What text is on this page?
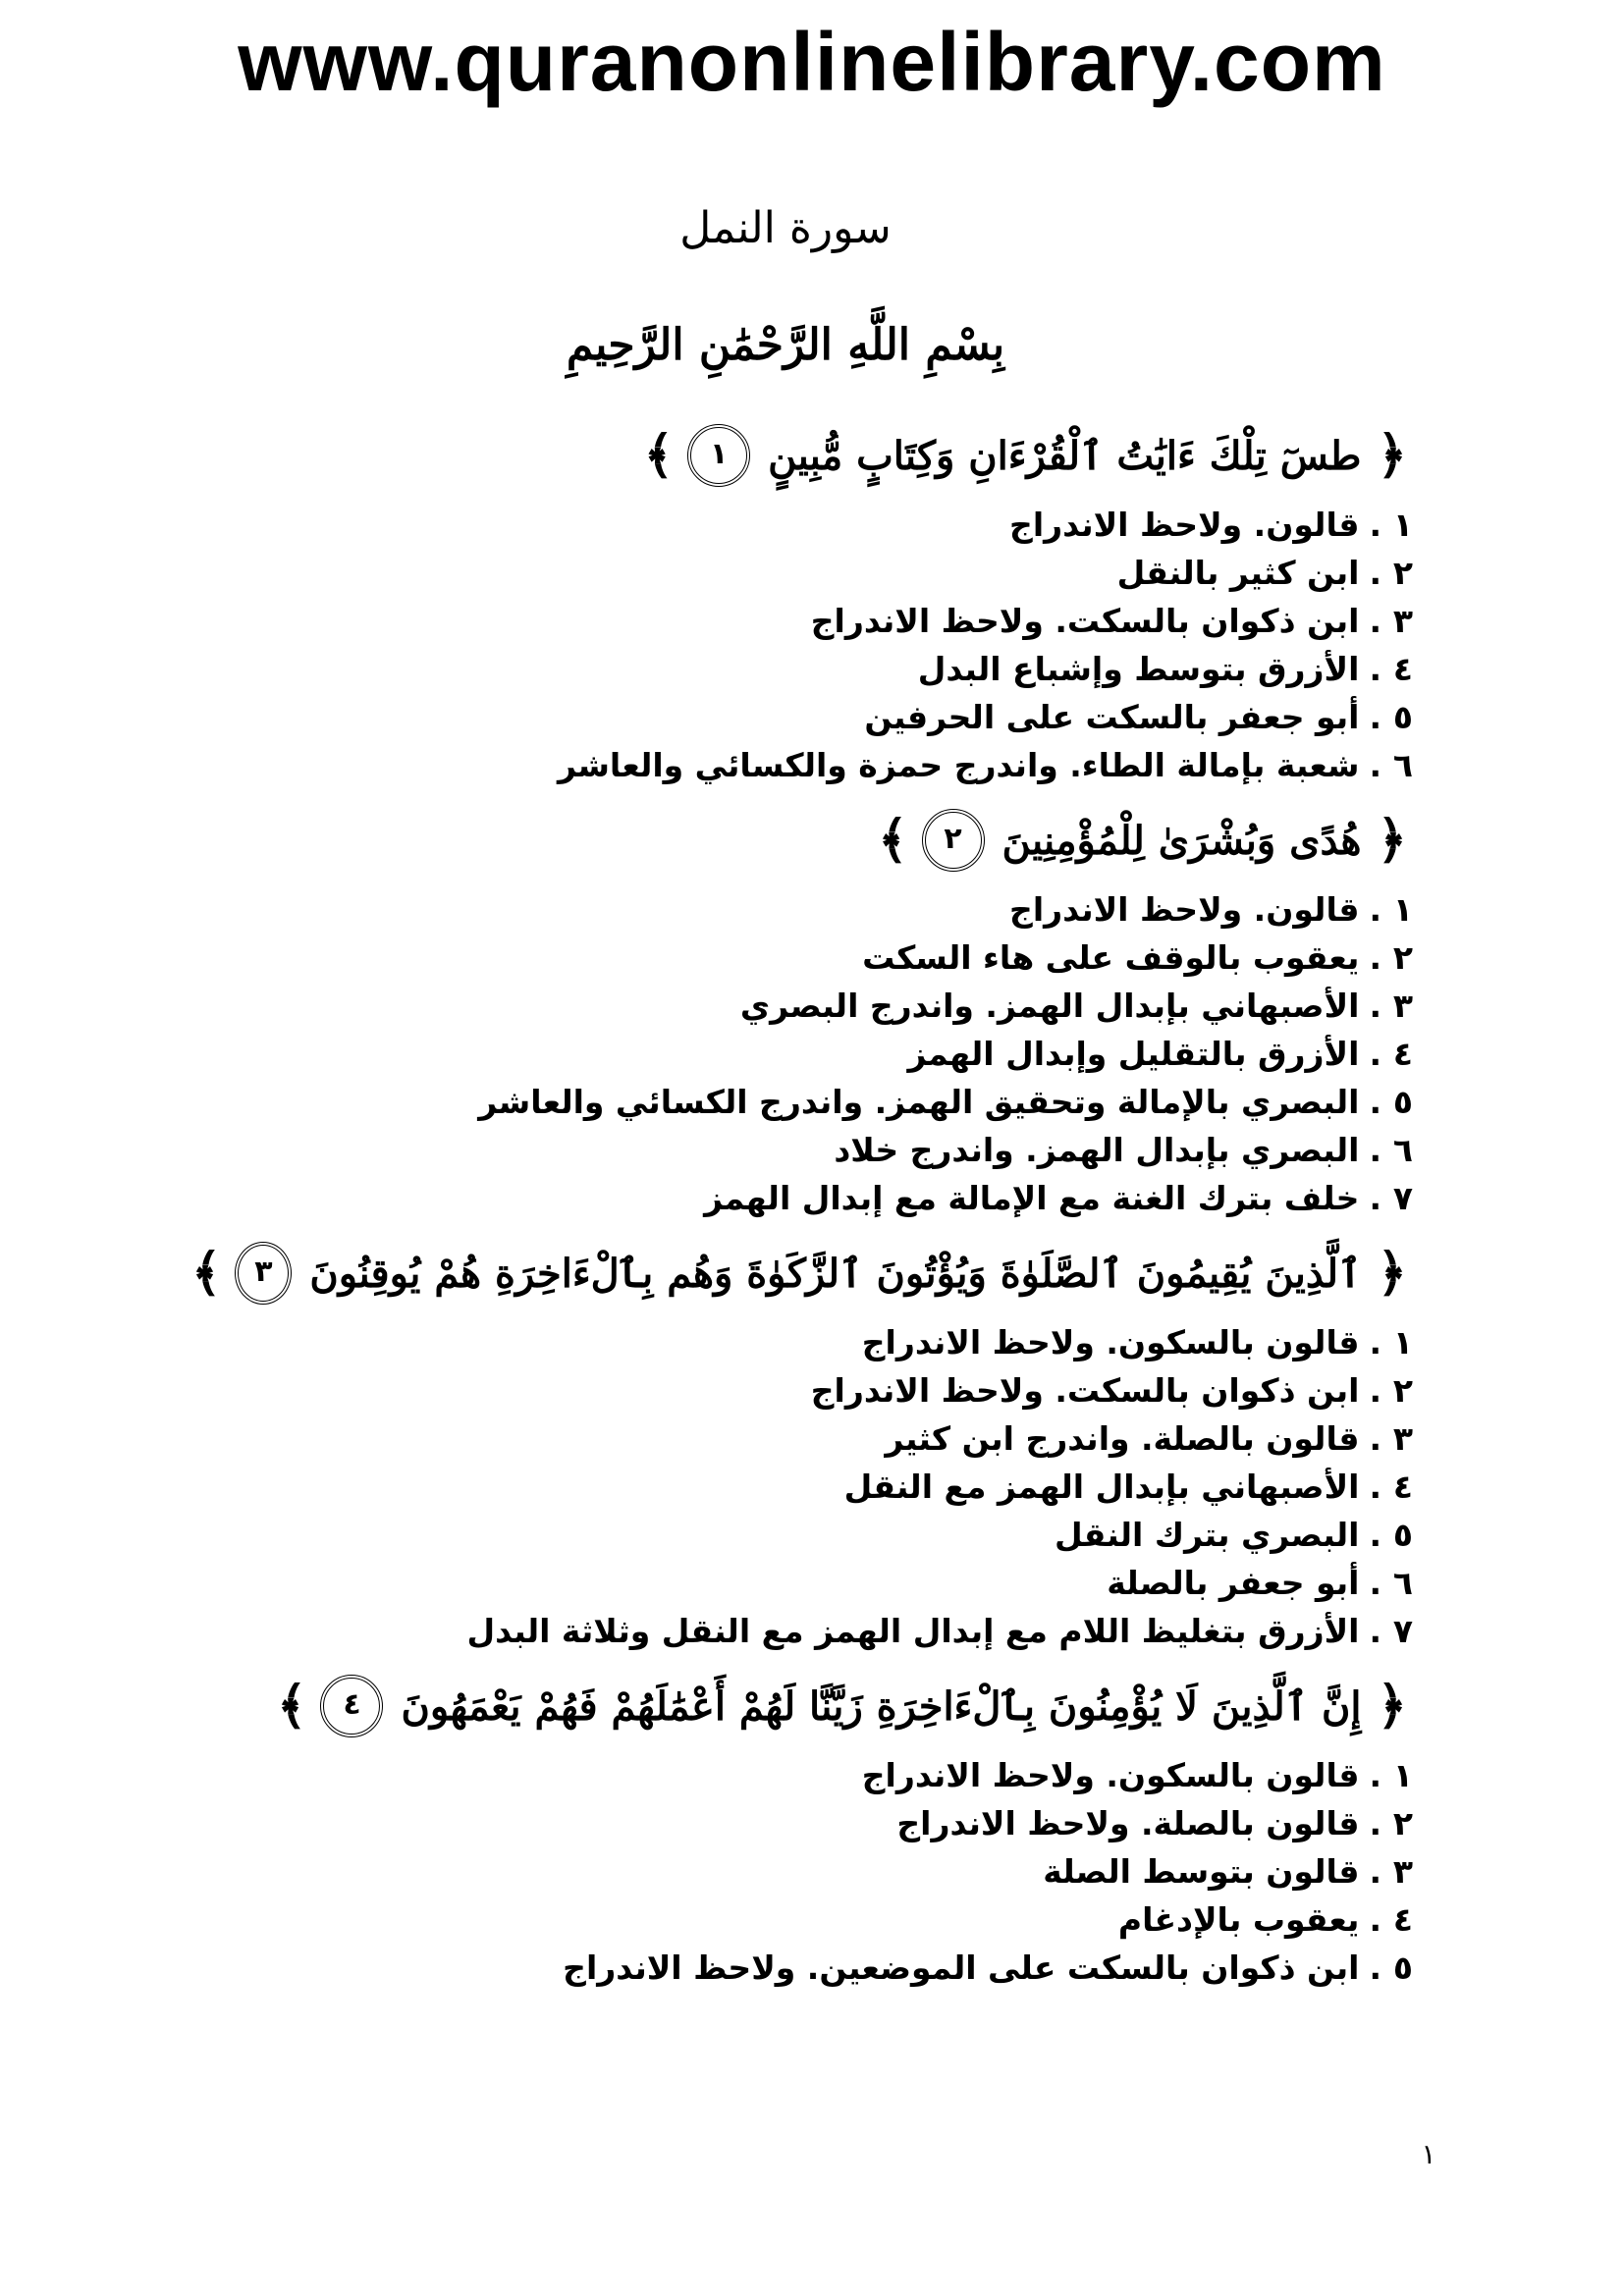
www.quranonlinelibrary.com
سورة النمل
بِسْمِ اللَّهِ الرَّحْمَٰنِ الرَّحِيمِ
﴿
طسٓ تِلْكَ ءَايَٰتُ ٱلْقُرْءَانِ وَكِتَابٍ مُّبِينٍ
١
﴾
١.قالون. ولاحظ الاندراج
٢.ابن كثير بالنقل
٣.ابن ذكوان بالسكت. ولاحظ الاندراج
٤.الأزرق بتوسط وإشباع البدل
٥.أبو جعفر بالسكت على الحرفين
٦.شعبة بإمالة الطاء. واندرج حمزة والكسائي والعاشر
﴿
هُدًى وَبُشْرَىٰ لِلْمُؤْمِنِينَ
٢
﴾
١.قالون. ولاحظ الاندراج
٢.يعقوب بالوقف على هاء السكت
٣.الأصبهاني بإبدال الهمز. واندرج البصري
٤.الأزرق بالتقليل وإبدال الهمز
٥.البصري بالإمالة وتحقيق الهمز. واندرج الكسائي والعاشر
٦.البصري بإبدال الهمز. واندرج خلاد
٧.خلف بترك الغنة مع الإمالة مع إبدال الهمز
﴿
ٱلَّذِينَ يُقِيمُونَ ٱلصَّلَوٰةَ وَيُؤْتُونَ ٱلزَّكَوٰةَ وَهُم بِٱلْءَاخِرَةِ هُمْ يُوقِنُونَ
٣
﴾
١.قالون بالسكون. ولاحظ الاندراج
٢.ابن ذكوان بالسكت. ولاحظ الاندراج
٣.قالون بالصلة. واندرج ابن كثير
٤.الأصبهاني بإبدال الهمز مع النقل
٥.البصري بترك النقل
٦.أبو جعفر بالصلة
٧.الأزرق بتغليظ اللام مع إبدال الهمز مع النقل وثلاثة البدل
﴿
إِنَّ ٱلَّذِينَ لَا يُؤْمِنُونَ بِٱلْءَاخِرَةِ زَيَّنَّا لَهُمْ أَعْمَٰلَهُمْ فَهُمْ يَعْمَهُونَ
٤
﴾
١.قالون بالسكون. ولاحظ الاندراج
٢.قالون بالصلة. ولاحظ الاندراج
٣.قالون بتوسط الصلة
٤.يعقوب بالإدغام
٥.ابن ذكوان بالسكت على الموضعين. ولاحظ الاندراج
١
